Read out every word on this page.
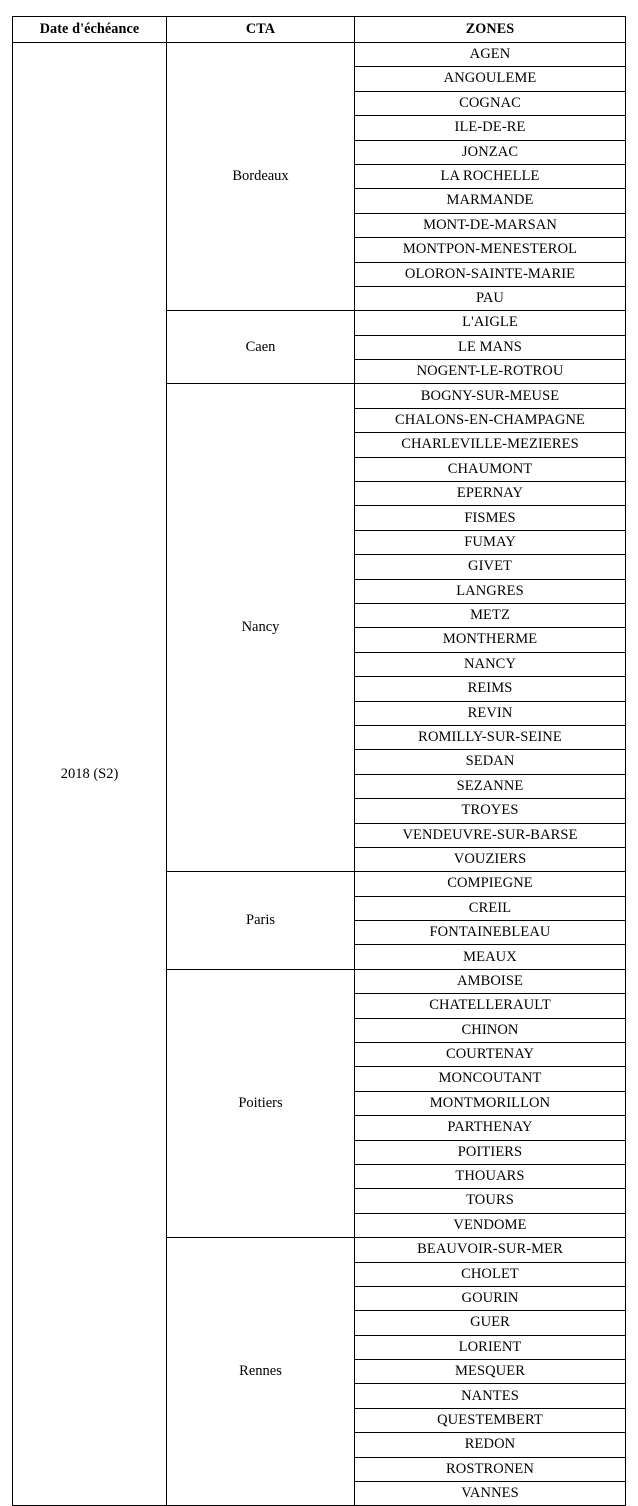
Date d'échéance	CTA	ZONES
2018 (S2)	Bordeaux	AGEN
		ANGOULEME
		COGNAC
		ILE-DE-RE
		JONZAC
		LA ROCHELLE
		MARMANDE
		MONT-DE-MARSAN
		MONTPON-MENESTEROL
		OLORON-SAINTE-MARIE
		PAU
	Caen	L'AIGLE
		LE MANS
		NOGENT-LE-ROTROU
	Nancy	BOGNY-SUR-MEUSE
		CHALONS-EN-CHAMPAGNE
		CHARLEVILLE-MEZIERES
		CHAUMONT
		EPERNAY
		FISMES
		FUMAY
		GIVET
		LANGRES
		METZ
		MONTHERME
		NANCY
		REIMS
		REVIN
		ROMILLY-SUR-SEINE
		SEDAN
		SEZANNE
		TROYES
		VENDEUVRE-SUR-BARSE
		VOUZIERS
	Paris	COMPIEGNE
		CREIL
		FONTAINEBLEAU
		MEAUX
	Poitiers	AMBOISE
		CHATELLERAULT
		CHINON
		COURTENAY
		MONCOUTANT
		MONTMORILLON
		PARTHENAY
		POITIERS
		THOUARS
		TOURS
		VENDOME
	Rennes	BEAUVOIR-SUR-MER
		CHOLET
		GOURIN
		GUER
		LORIENT
		MESQUER
		NANTES
		QUESTEMBERT
		REDON
		ROSTRONEN
		VANNES
